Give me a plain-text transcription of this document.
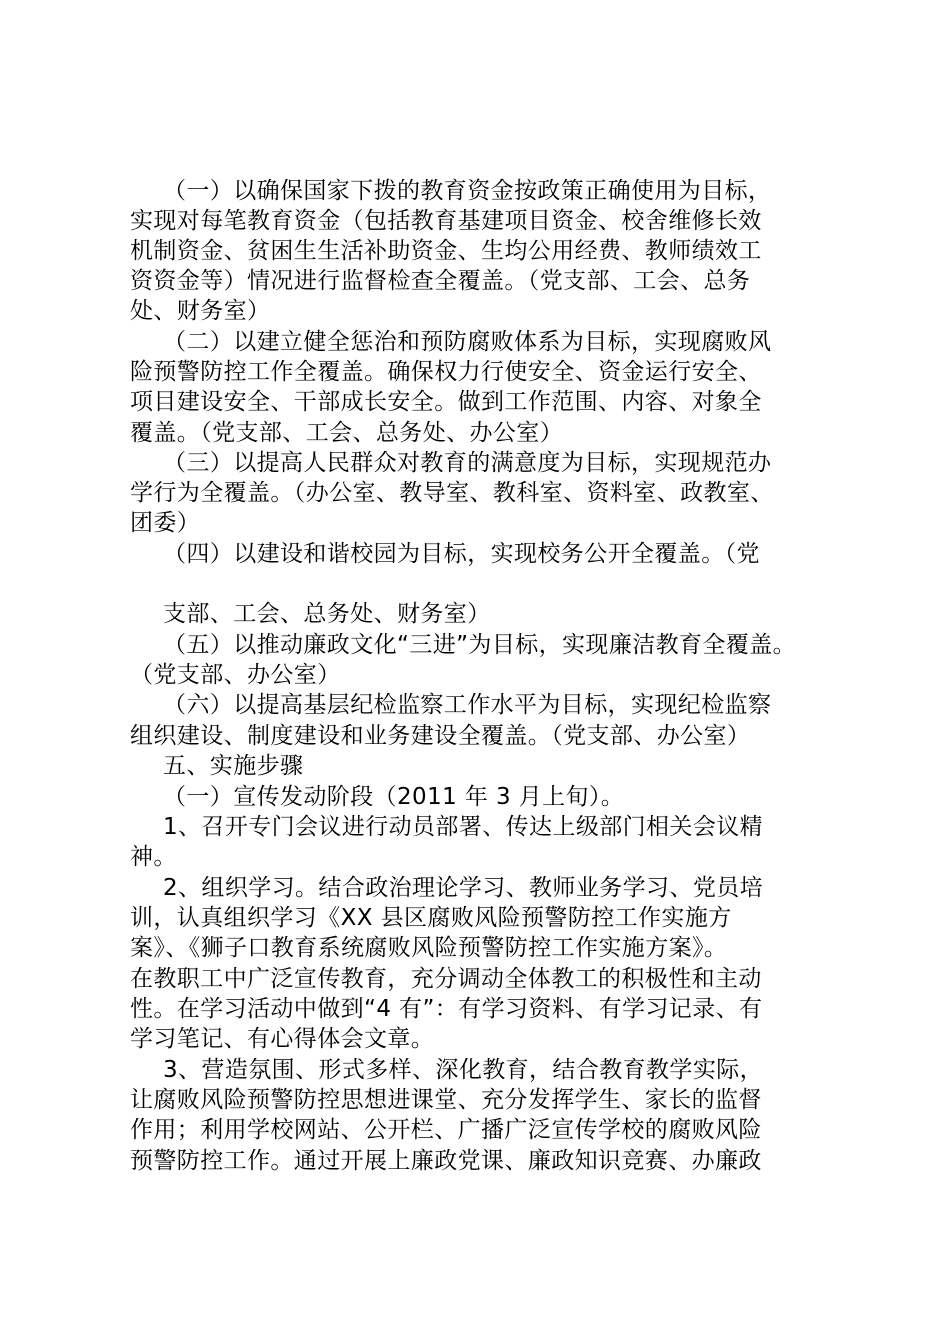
（一）以确保国家下拨的教育资金按政策正确使用为目标，
实现对每笔教育资金（包括教育基建项目资金、校舍维修长效
机制资金、贫困生生活补助资金、生均公用经费、教师绩效工
资资金等）情况进行监督检查全覆盖。（党支部、工会、总务
处、财务室）
（二）以建立健全惩治和预防腐败体系为目标，实现腐败风
险预警防控工作全覆盖。确保权力行使安全、资金运行安全、
项目建设安全、干部成长安全。做到工作范围、内容、对象全
覆盖。（党支部、工会、总务处、办公室）
（三）以提高人民群众对教育的满意度为目标，实现规范办
学行为全覆盖。（办公室、教导室、教科室、资料室、政教室、
团委）
（四）以建设和谐校园为目标，实现校务公开全覆盖。（党
支部、工会、总务处、财务室）
（五）以推动廉政文化“三进”为目标，实现廉洁教育全覆盖。
（党支部、办公室）
（六）以提高基层纪检监察工作水平为目标，实现纪检监察
组织建设、制度建设和业务建设全覆盖。（党支部、办公室）
五、实施步骤
（一）宣传发动阶段（2011 年 3 月上旬）。
1、召开专门会议进行动员部署、传达上级部门相关会议精
神。
2、组织学习。结合政治理论学习、教师业务学习、党员培
训，认真组织学习《XX 县区腐败风险预警防控工作实施方
案》、《狮子口教育系统腐败风险预警防控工作实施方案》。
在教职工中广泛宣传教育，充分调动全体教工的积极性和主动
性。在学习活动中做到“4 有”：有学习资料、有学习记录、有
学习笔记、有心得体会文章。
3、营造氛围、形式多样、深化教育，结合教育教学实际，
让腐败风险预警防控思想进课堂、充分发挥学生、家长的监督
作用；利用学校网站、公开栏、广播广泛宣传学校的腐败风险
预警防控工作。通过开展上廉政党课、廉政知识竞赛、办廉政
